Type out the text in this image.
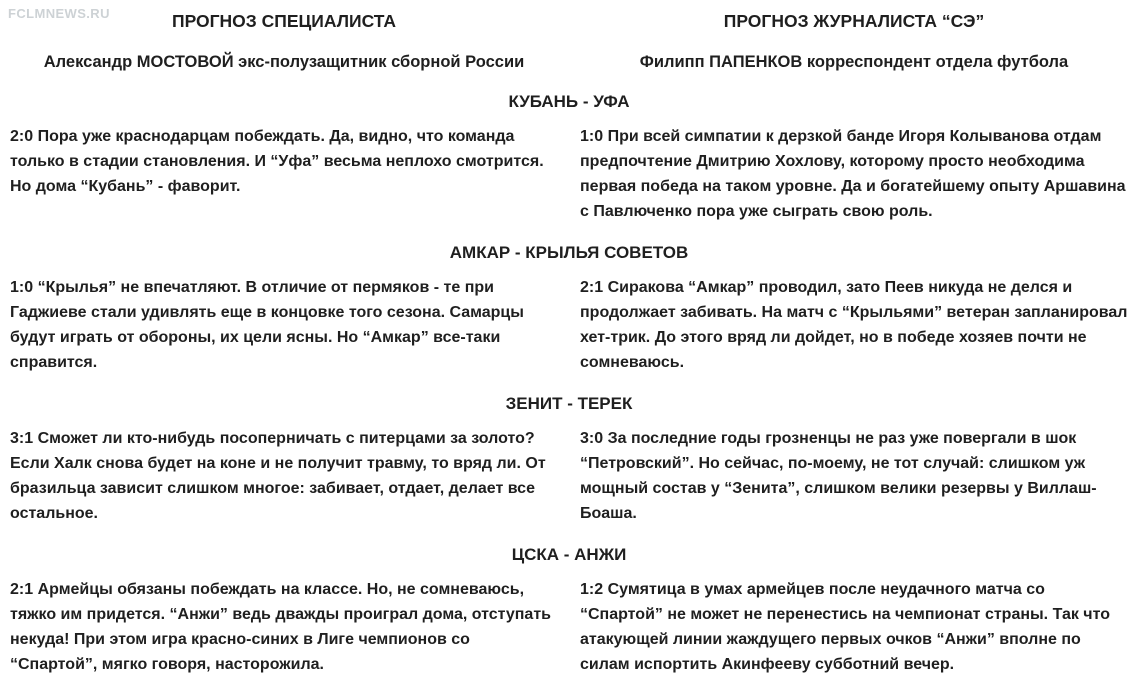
FCLMNEWS.RU	ПРОГНОЗ СПЕЦИАЛИСТА	ПРОГНОЗ ЖУРНАЛИСТА “СЭ”
Александр МОСТОВОЙ экс-полузащитник сборной России	Филипп ПАПЕНКОВ корреспондент отдела футбола
КУБАНЬ - УФА

2:0 Пора уже краснодарцам побеждать. Да, видно, что команда только в стадии становления. И “Уфа” весьма неплохо смотрится. Но дома “Кубань” - фаворит.

1:0 При всей симпатии к дерзкой банде Игоря Колыванова отдам предпочтение Дмитрию Хохлову, которому просто необходима первая победа на таком уровне. Да и богатейшему опыту Аршавина с Павлюченко пора уже сыграть свою роль.

АМКАР - КРЫЛЬЯ СОВЕТОВ

1:0 “Крылья” не впечатляют. В отличие от пермяков - те при Гаджиеве стали удивлять еще в концовке того сезона. Самарцы будут играть от обороны, их цели ясны. Но “Амкар” все-таки справится.

2:1 Сиракова “Амкар” проводил, зато Пеев никуда не делся и продолжает забивать. На матч с “Крыльями” ветеран запланировал хет-трик. До этого вряд ли дойдет, но в победе хозяев почти не сомневаюсь.

ЗЕНИТ - ТЕРЕК

3:1 Сможет ли кто-нибудь посоперничать с питерцами за золото? Если Халк снова будет на коне и не получит травму, то вряд ли. От бразильца зависит слишком многое: забивает, отдает, делает все остальное.

3:0 За последние годы грозненцы не раз уже повергали в шок “Петровский”. Но сейчас, по-моему, не тот случай: слишком уж мощный состав у “Зенита”, слишком велики резервы у Виллаш-Боаша.

ЦСКА - АНЖИ

2:1 Армейцы обязаны побеждать на классе. Но, не сомневаюсь, тяжко им придется. “Анжи” ведь дважды проиграл дома, отступать некуда! При этом игра красно-синих в Лиге чемпионов со “Спартой”, мягко говоря, насторожила.

1:2 Сумятица в умах армейцев после неудачного матча со “Спартой” не может не перенестись на чемпионат страны. Так что атакующей линии жаждущего первых очков “Анжи” вполне по силам испортить Акинфееву субботний вечер.
